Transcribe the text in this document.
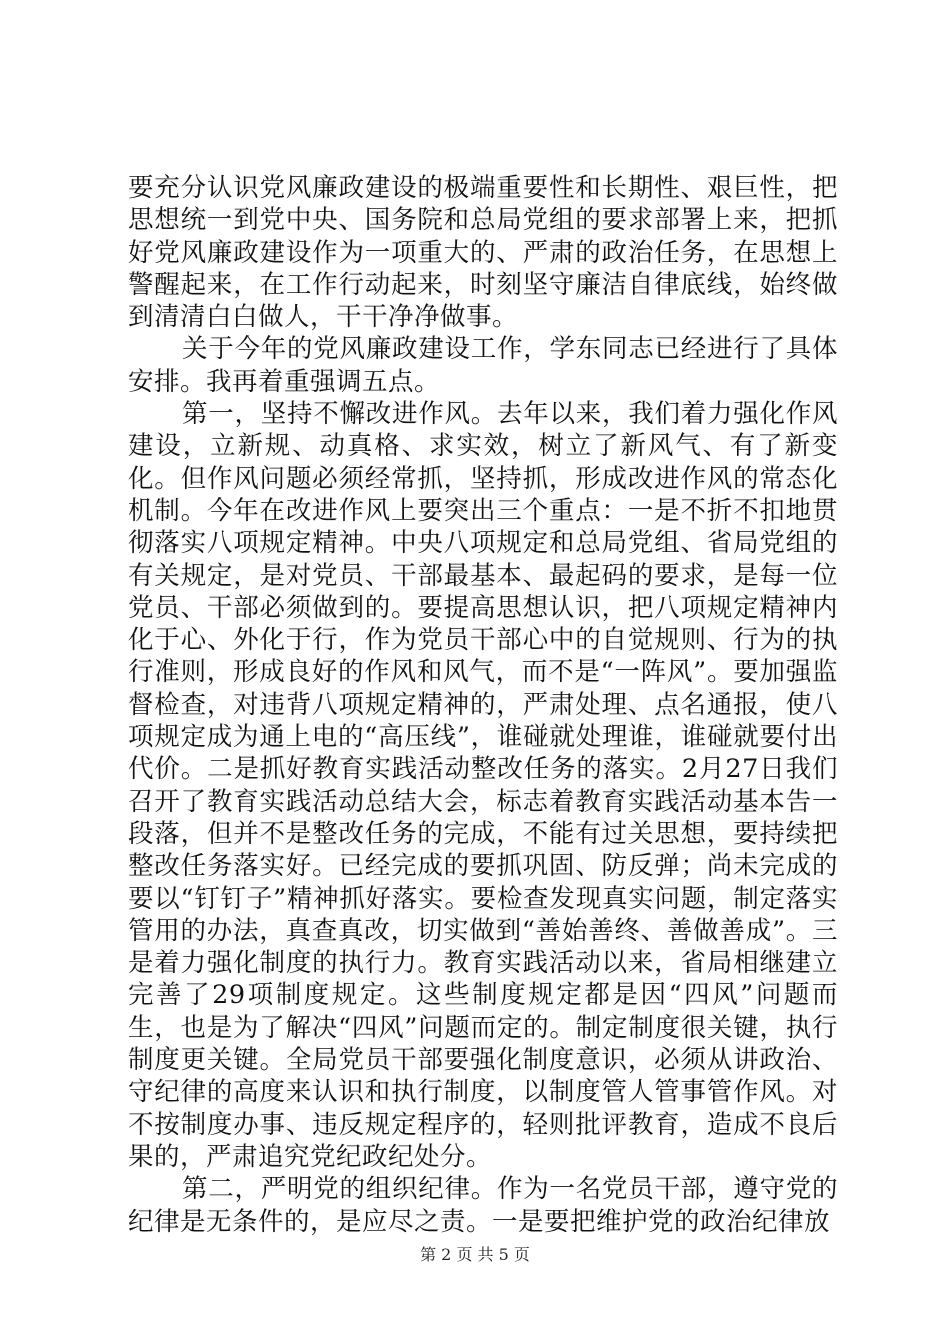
要充分认识党风廉政建设的极端重要性和长期性、艰巨性，把思想统一到党中央、国务院和总局党组的要求部署上来，把抓好党风廉政建设作为一项重大的、严肃的政治任务，在思想上警醒起来，在工作行动起来，时刻坚守廉洁自律底线，始终做到清清白白做人，干干净净做事。

关于今年的党风廉政建设工作，学东同志已经进行了具体安排。我再着重强调五点。

第一，坚持不懈改进作风。去年以来，我们着力强化作风建设，立新规、动真格、求实效，树立了新风气、有了新变化。但作风问题必须经常抓，坚持抓，形成改进作风的常态化机制。今年在改进作风上要突出三个重点：一是不折不扣地贯彻落实八项规定精神。中央八项规定和总局党组、省局党组的有关规定，是对党员、干部最基本、最起码的要求，是每一位党员、干部必须做到的。要提高思想认识，把八项规定精神内化于心、外化于行，作为党员干部心中的自觉规则、行为的执行准则，形成良好的作风和风气，而不是“一阵风”。要加强监督检查，对违背八项规定精神的，严肃处理、点名通报，使八项规定成为通上电的“高压线”，谁碰就处理谁，谁碰就要付出代价。二是抓好教育实践活动整改任务的落实。2月27日我们召开了教育实践活动总结大会，标志着教育实践活动基本告一段落，但并不是整改任务的完成，不能有过关思想，要持续把整改任务落实好。已经完成的要抓巩固、防反弹；尚未完成的要以“钉钉子”精神抓好落实。要检查发现真实问题，制定落实管用的办法，真查真改，切实做到“善始善终、善做善成”。三是着力强化制度的执行力。教育实践活动以来，省局相继建立完善了29项制度规定。这些制度规定都是因“四风”问题而生，也是为了解决“四风”问题而定的。制定制度很关键，执行制度更关键。全局党员干部要强化制度意识，必须从讲政治、守纪律的高度来认识和执行制度，以制度管人管事管作风。对不按制度办事、违反规定程序的，轻则批评教育，造成不良后果的，严肃追究党纪政纪处分。

第二，严明党的组织纪律。作为一名党员干部，遵守党的纪律是无条件的，是应尽之责。一是要把维护党的政治纪律放

第 2 页 共 5 页
